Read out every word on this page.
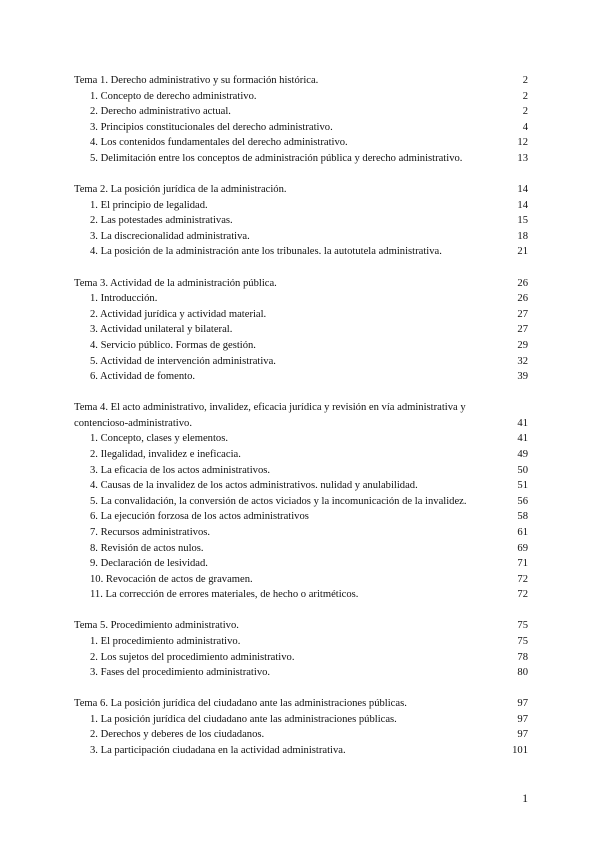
Tema 1. Derecho administrativo y su formación histórica.	2
1. Concepto de derecho administrativo.	2
2. Derecho administrativo actual.	2
3. Principios constitucionales del derecho administrativo.	4
4. Los contenidos fundamentales del derecho administrativo.	12
5. Delimitación entre los conceptos de administración pública y derecho administrativo.	13
Tema 2. La posición jurídica de la administración.	14
1. El principio de legalidad.	14
2. Las potestades administrativas.	15
3. La discrecionalidad administrativa.	18
4. La posición de la administración ante los tribunales. la autotutela administrativa.	21
Tema 3. Actividad de la administración pública.	26
1. Introducción.	26
2. Actividad jurídica y actividad material.	27
3. Actividad unilateral y bilateral.	27
4. Servicio público. Formas de gestión.	29
5. Actividad de intervención administrativa.	32
6. Actividad de fomento.	39
Tema 4. El acto administrativo, invalidez, eficacia jurídica y revisión en vía administrativa y contencioso-administrativo.	41
1. Concepto, clases y elementos.	41
2. Ilegalidad, invalidez e ineficacia.	49
3. La eficacia de los actos administrativos.	50
4. Causas de la invalidez de los actos administrativos. nulidad y anulabilidad.	51
5. La convalidación, la conversión de actos viciados y la incomunicación de la invalidez.	56
6. La ejecución forzosa de los actos administrativos	58
7. Recursos administrativos.	61
8. Revisión de actos nulos.	69
9. Declaración de lesividad.	71
10. Revocación de actos de gravamen.	72
11. La corrección de errores materiales, de hecho o aritméticos.	72
Tema 5. Procedimiento administrativo.	75
1. El procedimiento administrativo.	75
2. Los sujetos del procedimiento administrativo.	78
3. Fases del procedimiento administrativo.	80
Tema 6. La posición jurídica del ciudadano ante las administraciones públicas.	97
1. La posición jurídica del ciudadano ante las administraciones públicas.	97
2. Derechos y deberes de los ciudadanos.	97
3. La participación ciudadana en la actividad administrativa.	101
1
